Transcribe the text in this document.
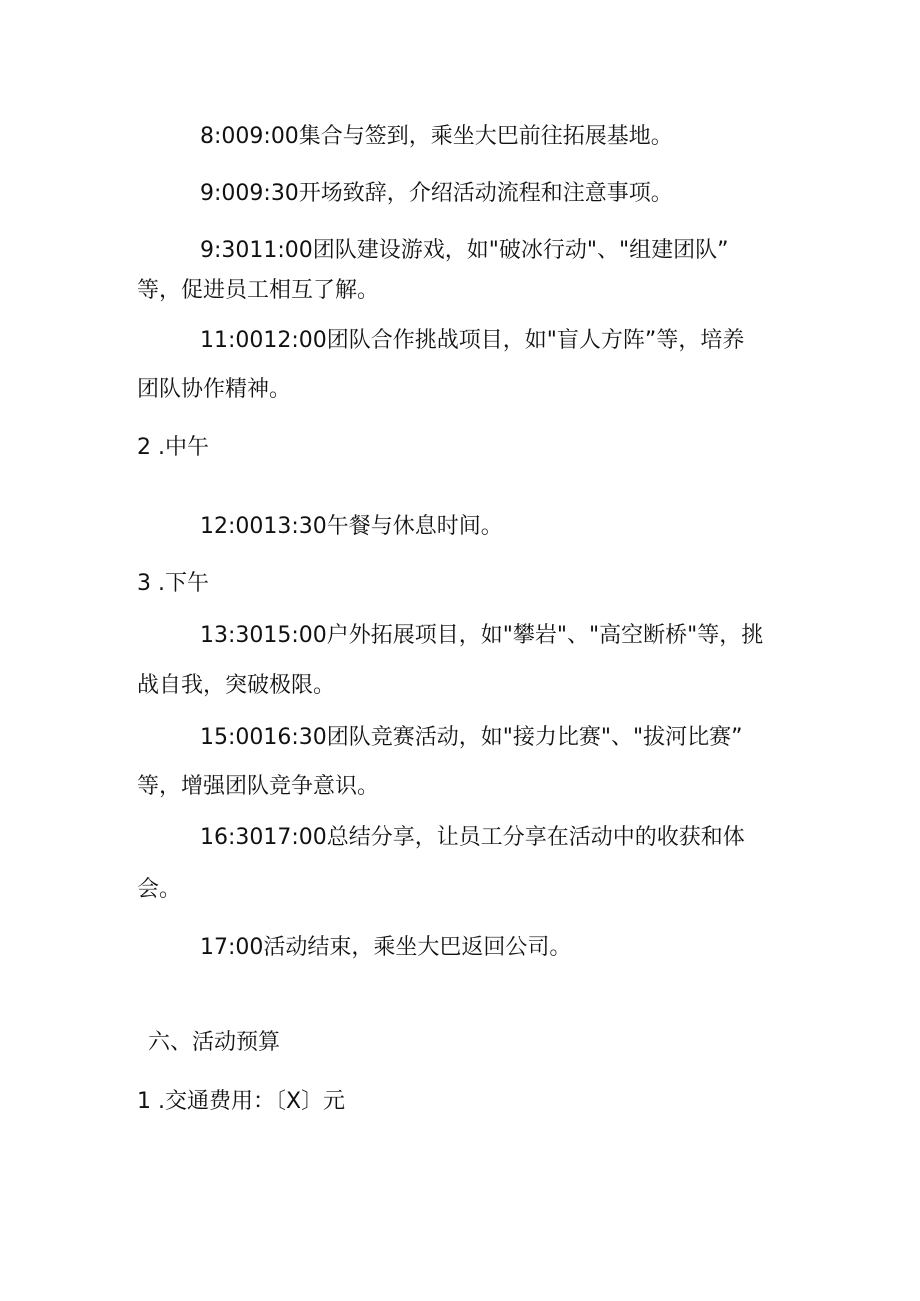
8:009:00集合与签到，乘坐大巴前往拓展基地。
9:009:30开场致辞，介绍活动流程和注意事项。
9:3011:00团队建设游戏，如"破冰行动"、"组建团队”
等，促进员工相互了解。
11:0012:00团队合作挑战项目，如"盲人方阵”等，培养
团队协作精神。
2 .中午
12:0013:30午餐与休息时间。
3 .下午
13:3015:00户外拓展项目，如"攀岩"、"高空断桥"等，挑
战自我，突破极限。
15:0016:30团队竞赛活动，如"接力比赛"、"拔河比赛”
等，增强团队竞争意识。
16:3017:00总结分享，让员工分享在活动中的收获和体
会。
17:00活动结束，乘坐大巴返回公司。
六、活动预算
1 .交通费用：〔X〕元
